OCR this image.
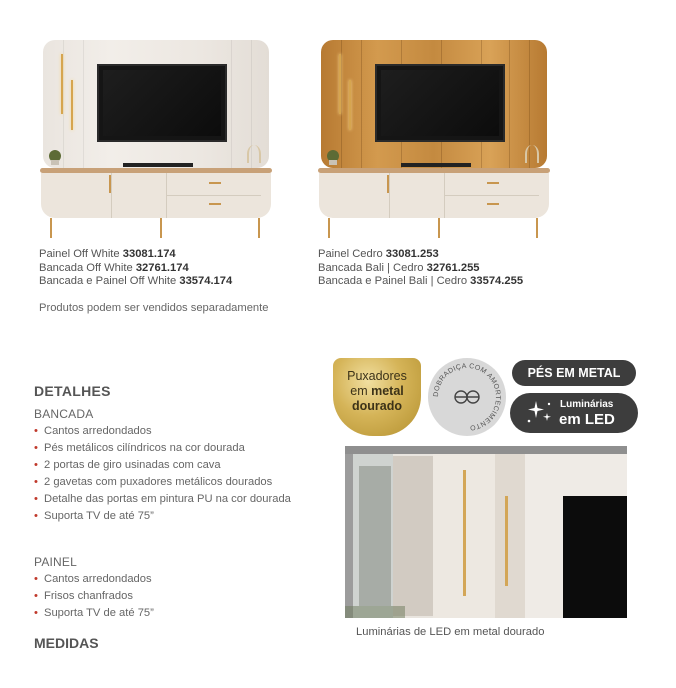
Painel Off White 33081.174
Bancada Off White 32761.174
Bancada e Painel Off White 33574.174
Painel Cedro 33081.253
Bancada Bali | Cedro 32761.255
Bancada e Painel Bali | Cedro 33574.255
Produtos podem ser vendidos separadamente
DETALHES
BANCADA
• Cantos arredondados
• Pés metálicos cilíndricos na cor dourada
• 2 portas de giro usinadas com cava
• 2 gavetas com puxadores metálicos dourados
• Detalhe das portas em pintura PU na cor dourada
• Suporta TV de até 75”
PAINEL
• Cantos arredondados
• Frisos chanfrados
• Suporta TV de até 75”
MEDIDAS
Puxadores
em metal
dourado
DOBRADIÇA COM AMORTECIMENTO
PÉS EM METAL
Luminárias
em LED
Luminárias de LED em metal dourado
